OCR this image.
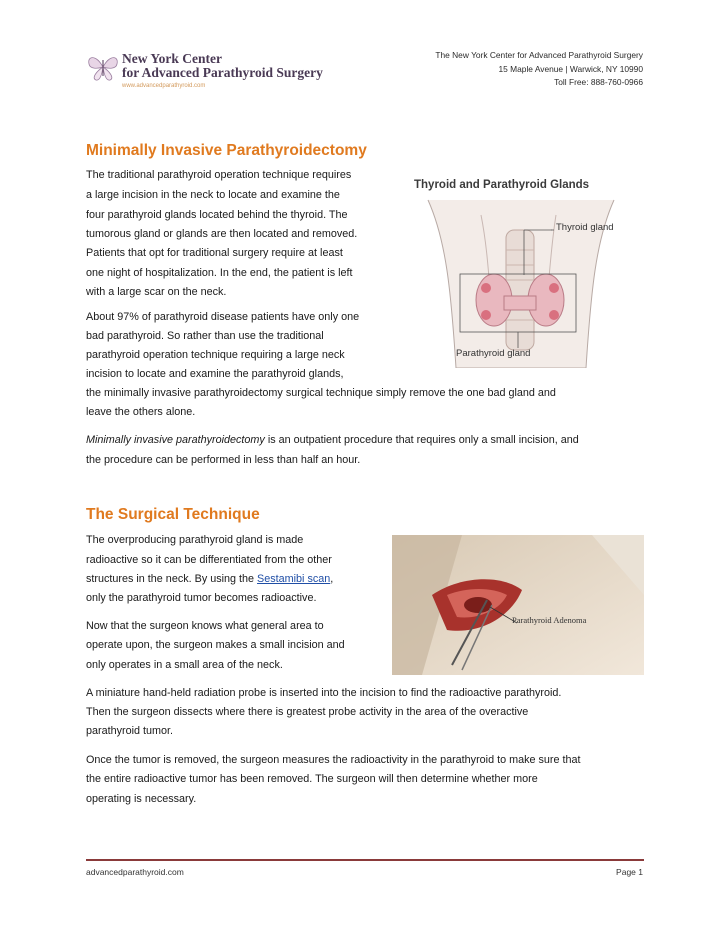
New York Center
for Advanced Parathyroid Surgery
www.advancedparathyroid.com
The New York Center for Advanced Parathyroid Surgery
15 Maple Avenue | Warwick, NY 10990
Toll Free: 888-760-0966
Minimally Invasive Parathyroidectomy
The traditional parathyroid operation technique requires
a large incision in the neck to locate and examine the
four parathyroid glands located behind the thyroid. The
tumorous gland or glands are then located and removed.
Patients that opt for traditional surgery require at least
one night of hospitalization. In the end, the patient is left
with a large scar on the neck.
About 97% of parathyroid disease patients have only one
bad parathyroid. So rather than use the traditional
parathyroid operation technique requiring a large neck
incision to locate and examine the parathyroid glands,
the minimally invasive parathyroidectomy surgical technique simply remove the one bad gland and
leave the others alone.
Minimally invasive parathyroidectomy is an outpatient procedure that requires only a small incision, and
the procedure can be performed in less than half an hour.
Thyroid and Parathyroid Glands
Thyroid gland
Parathyroid gland
The Surgical Technique
The overproducing parathyroid gland is made
radioactive so it can be differentiated from the other
structures in the neck. By using the Sestamibi scan,
only the parathyroid tumor becomes radioactive.
Now that the surgeon knows what general area to
operate upon, the surgeon makes a small incision and
only operates in a small area of the neck.
A miniature hand-held radiation probe is inserted into the incision to find the radioactive parathyroid.
Then the surgeon dissects where there is greatest probe activity in the area of the overactive
parathyroid tumor.
Once the tumor is removed, the surgeon measures the radioactivity in the parathyroid to make sure that
the entire radioactive tumor has been removed. The surgeon will then determine whether more
operating is necessary.
Parathyroid Adenoma
advancedparathyroid.com	Page 1
